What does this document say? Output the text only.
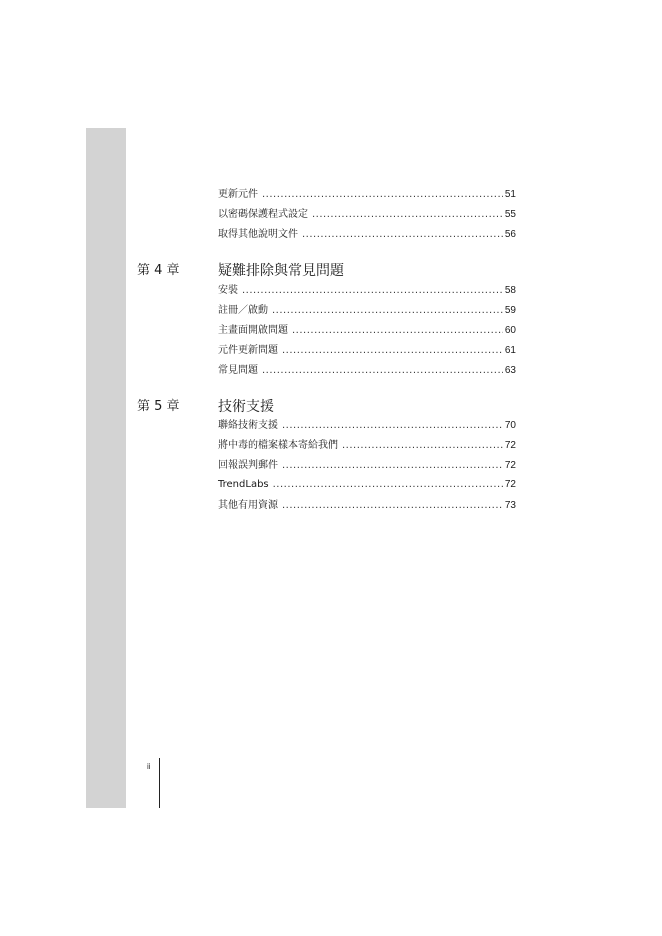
更新元件 .....	51
以密碼保護程式設定 .....	55
取得其他說明文件 .....	56
第 4 章	疑難排除與常見問題
安裝 .....	58
註冊／啟動 .....	59
主畫面開啟問題 .....	60
元件更新問題 .....	61
常見問題 .....	63
第 5 章	技術支援
聯絡技術支援 .....	70
將中毒的檔案樣本寄給我們 .....	72
回報誤判郵件 .....	72
TrendLabs .....	72
其他有用資源 .....	73
ii
